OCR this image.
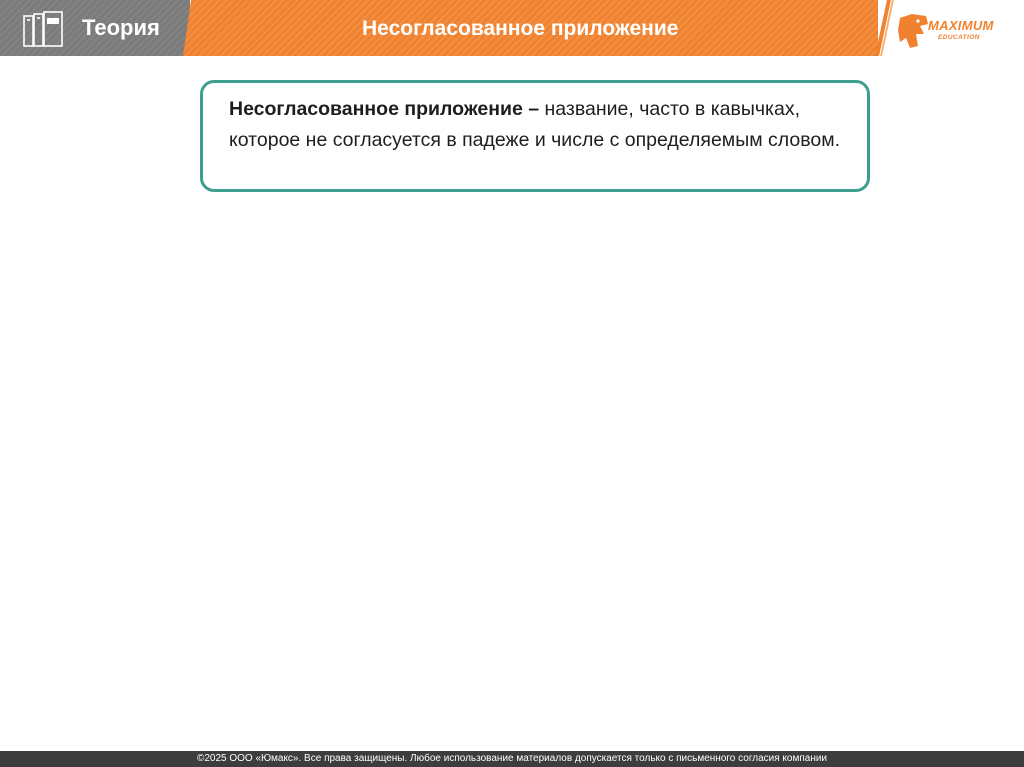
Теория	Несогласованное приложение	MAXIMUM
EDUCATION
Несогласованное приложение – название, часто в кавычках, которое не согласуется в падеже и числе с определяемым словом.
©2025 ООО «Юмакс». Все права защищены. Любое использование материалов допускается только с письменного согласия компании
